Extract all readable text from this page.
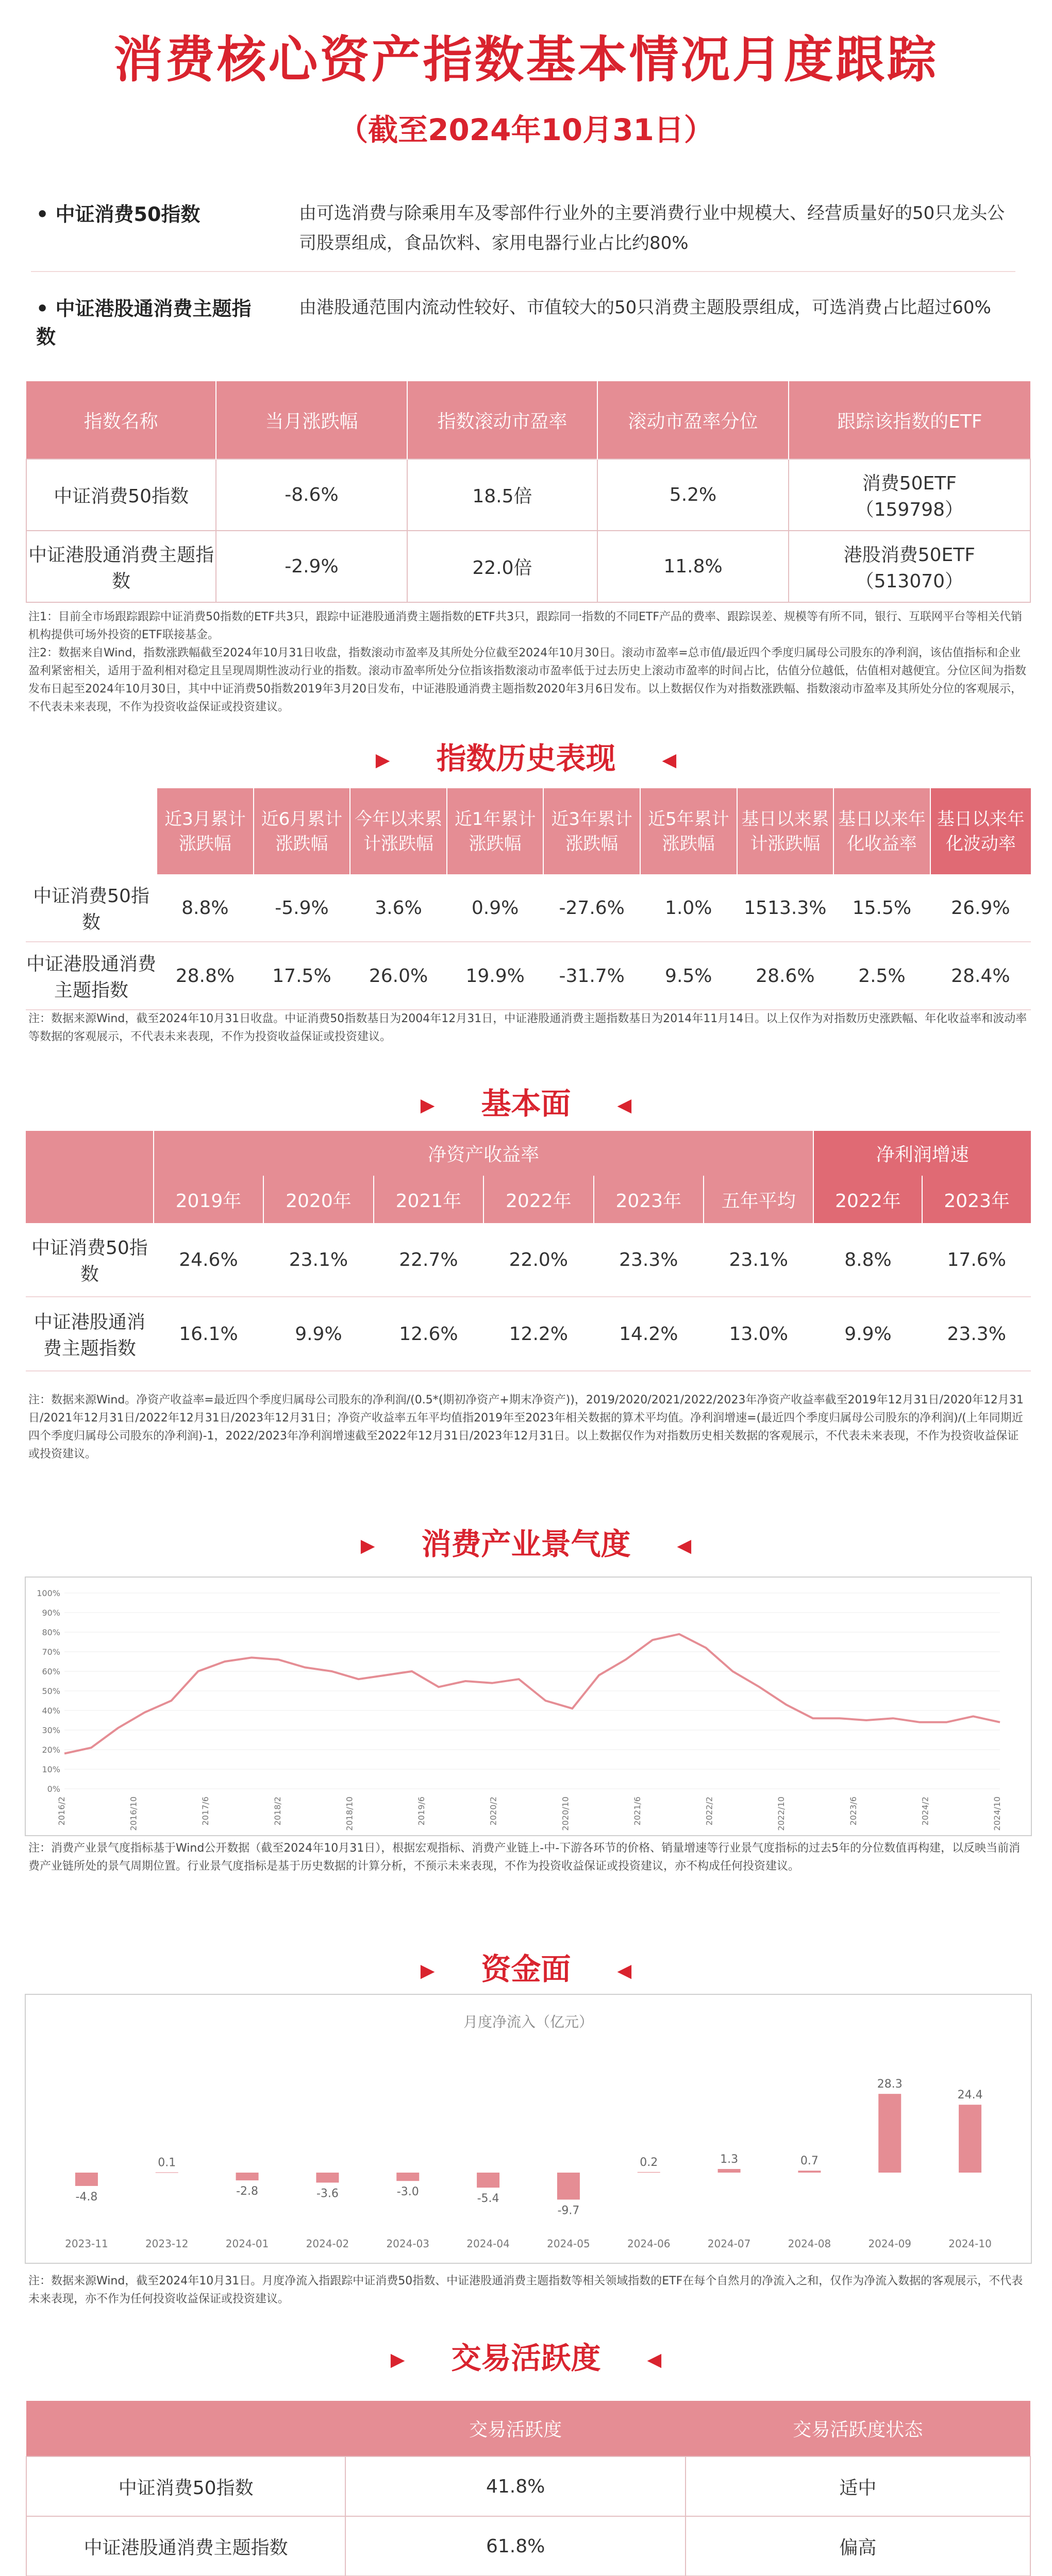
消费核心资产指数基本情况月度跟踪
（截至2024年10月31日）
• 中证消费50指数	由可选消费与除乘用车及零部件行业外的主要消费行业中规模大、经营质量好的50只龙头公司股票组成，食品饮料、家用电器行业占比约80%
• 中证港股通消费主题指数
由港股通范围内流动性较好、市值较大的50只消费主题股票组成，可选消费占比超过60%
指数名称	当月涨跌幅	指数滚动市盈率	滚动市盈率分位	跟踪该指数的ETF
中证消费50指数	-8.6%	18.5倍	5.2%	消费50ETF
（159798）

中证港股通消费主题指数	-2.9%	22.0倍	11.8%	港股消费50ETF
（513070）
注1：目前全市场跟踪跟踪中证消费50指数的ETF共3只，跟踪中证港股通消费主题指数的ETF共3只，跟踪同一指数的不同ETF产品的费率、跟踪误差、规模等有所不同，银行、互联网平台等相关代销机构提供可场外投资的ETF联接基金。
注2：数据来自Wind，指数涨跌幅截至2024年10月31日收盘，指数滚动市盈率及其所处分位截至2024年10月30日。滚动市盈率=总市值/最近四个季度归属母公司股东的净利润，该估值指标和企业盈利紧密相关，适用于盈利相对稳定且呈现周期性波动行业的指数。滚动市盈率所处分位指该指数滚动市盈率低于过去历史上滚动市盈率的时间占比，估值分位越低，估值相对越便宜。分位区间为指数发布日起至2024年10月30日，其中中证消费50指数2019年3月20日发布，中证港股通消费主题指数2020年3月6日发布。以上数据仅作为对指数涨跌幅、指数滚动市盈率及其所处分位的客观展示，不代表未来表现，不作为投资收益保证或投资建议。
▶ 指数历史表现	◀
	近3月累计涨跌幅	近6月累计涨跌幅	今年以来累计涨跌幅	近1年累计涨跌幅	近3年累计涨跌幅	近5年累计涨跌幅	基日以来累计涨跌幅	基日以来年化收益率	基日以来年化波动率
中证消费50指数	8.8%	-5.9%	3.6%	0.9%	-27.6%	1.0%	1513.3%	15.5%	26.9%
中证港股通消费主题指数	28.8%	17.5%	26.0%	19.9%	-31.7%	9.5%	28.6%	2.5%	28.4%
注：数据来源Wind，截至2024年10月31日收盘。中证消费50指数基日为2004年12月31日，中证港股通消费主题指数基日为2014年11月14日。以上仅作为对指数历史涨跌幅、年化收益率和波动率等数据的客观展示，不代表未来表现，不作为投资收益保证或投资建议。
▶ 基本面	◀
	净资产收益率						净利润增速	
	2019年	2020年	2021年	2022年	2023年	五年平均	2022年	2023年
中证消费50指数	24.6%	23.1%	22.7%	22.0%	23.3%	23.1%	8.8%	17.6%
中证港股通消费主题指数	16.1%	9.9%	12.6%	12.2%	14.2%	13.0%	9.9%	23.3%
注：数据来源Wind。净资产收益率=最近四个季度归属母公司股东的净利润/(0.5*(期初净资产+期末净资产))，2019/2020/2021/2022/2023年净资产收益率截至2019年12月31日/2020年12月31日/2021年12月31日/2022年12月31日/2023年12月31日；净资产收益率五年平均值指2019年至2023年相关数据的算术平均值。净利润增速=(最近四个季度归属母公司股东的净利润)/(上年同期近四个季度归属母公司股东的净利润)-1，2022/2023年净利润增速截至2022年12月31日/2023年12月31日。以上数据仅作为对指数历史相关数据的客观展示，不代表未来表现，不作为投资收益保证或投资建议。
▶ 消费产业景气度	◀
0%
10%
20%
30%
40%
50%
60%
70%
80%
90%
100%
2016/2	2016/10	2017/6	2018/2	2018/10	2019/6	2020/2	2020/10	2021/6	2022/2	2022/10	2023/6	2024/2	2024/10
注：消费产业景气度指标基于Wind公开数据（截至2024年10月31日），根据宏观指标、消费产业链上-中-下游各环节的价格、销量增速等行业景气度指标的过去5年的分位数值再构建，以反映当前消费产业链所处的景气周期位置。行业景气度指标是基于历史数据的计算分析，不预示未来表现，不作为投资收益保证或投资建议，亦不构成任何投资建议。
▶ 资金面	◀
月度净流入（亿元）
-4.8
2023-11
0.1
2023-12
-2.8
2024-01
-3.6
2024-02
-3.0
2024-03
-5.4
2024-04
-9.7
2024-05
0.2
2024-06
1.3
2024-07
0.7
2024-08
28.3
2024-09
24.4
2024-10
注：数据来源Wind，截至2024年10月31日。月度净流入指跟踪中证消费50指数、中证港股通消费主题指数等相关领域指数的ETF在每个自然月的净流入之和，仅作为净流入数据的客观展示，不代表未来表现，亦不作为任何投资收益保证或投资建议。
▶ 交易活跃度	◀
	交易活跃度	交易活跃度状态
中证消费50指数	41.8%	适中
中证港股通消费主题指数	61.8%	偏高
